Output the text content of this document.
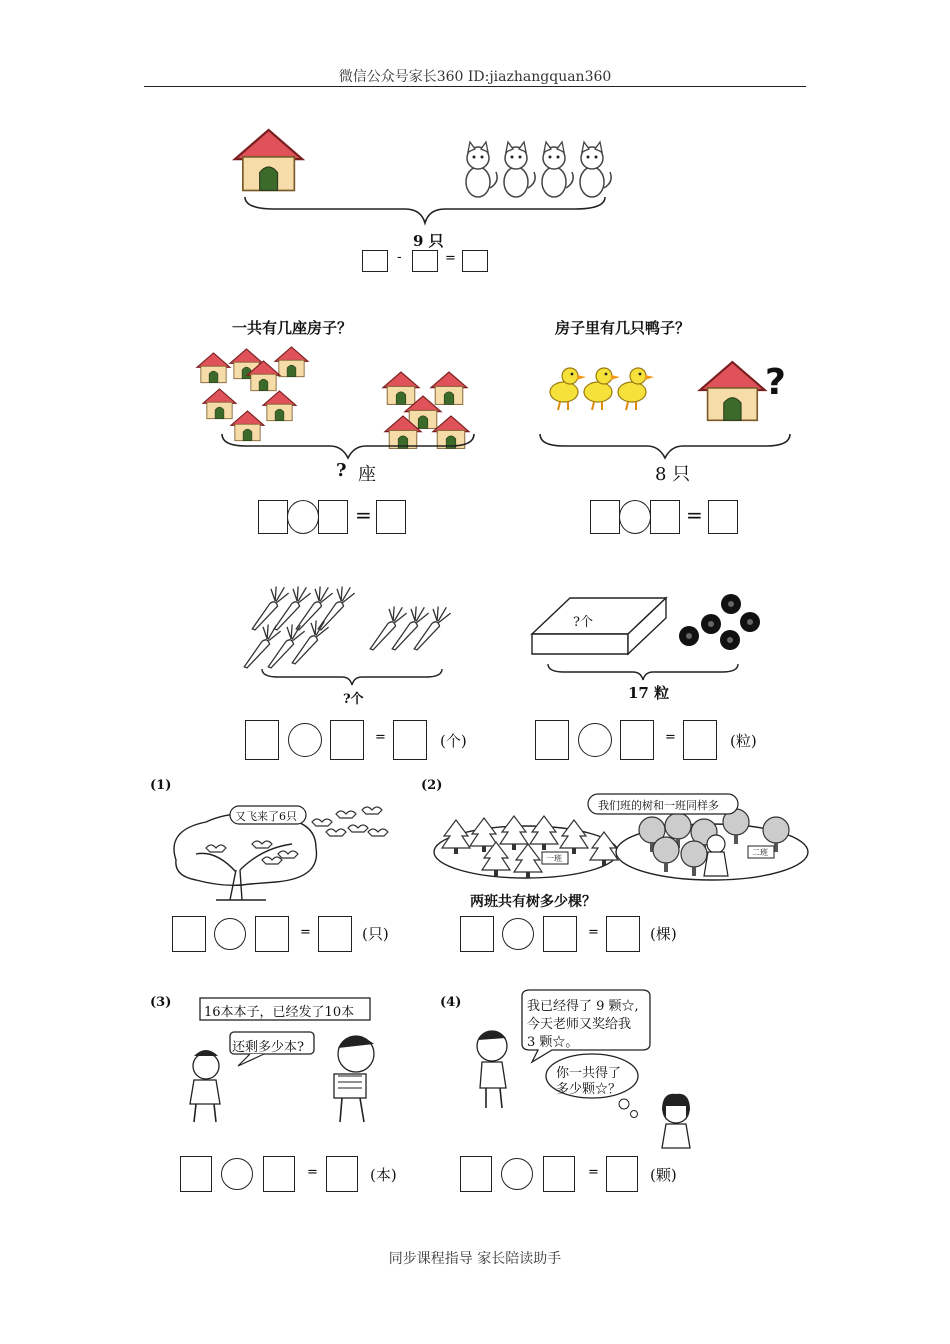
微信公众号家长360 ID:jiazhangquan360
9 只
-	=
一共有几座房子？
? 座
=
房子里有几只鸭子？
?
8 只
=
?个
=	(个)
?个
17 粒
=	(粒)
(1)
又飞来了6只
=	(只)
(2)
我们班的树和一班同样多
一班
二班
两班共有树多少棵？
=	(棵)
(3)
16本本子，已经发了10本
还剩多少本?
=	(本)
(4)	我已经得了 9 颗☆,
今天老师又奖给我
3 颗☆。
你一共得了
多少颗☆？
=	(颗)
同步课程指导 家长陪读助手
